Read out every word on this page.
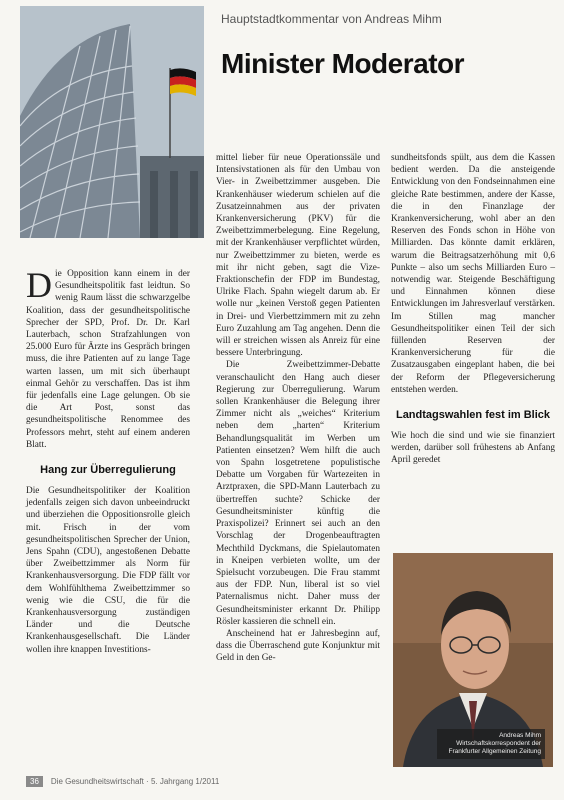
Hauptstadtkommentar von Andreas Mihm
Minister Moderator

Die Opposition kann einem in der Gesundheitspolitik fast leidtun. So wenig Raum lässt die schwarzgelbe Koalition, dass der gesundheitspolitische Sprecher der SPD, Prof. Dr. Dr. Karl Lauterbach, schon Strafzahlungen von 25.000 Euro für Ärzte ins Gespräch bringen muss, die ihre Patienten auf zu lange Tage warten lassen, um mit sich überhaupt einmal Gehör zu verschaffen. Das ist ihm für jedenfalls eine Lage gelungen. Ob sie die Art Post, sonst das gesundheitspolitische Renommee des Professors mehrt, steht auf einem anderen Blatt.

Hang zur Überregulierung

Die Gesundheitspolitiker der Koalition jedenfalls zeigen sich davon unbeeindruckt und überziehen die Oppositionsrolle gleich mit. Frisch in der vom gesundheitspolitischen Sprecher der Union, Jens Spahn (CDU), angestoßenen Debatte über Zweibettzimmer als Norm für Krankenhausversorgung. Die FDP fällt vor dem Wohlfühlthema Zweibettzimmer so wenig wie die CSU, die für die Krankenhausversorgung zuständigen Länder und die Deutsche Krankenhausgesellschaft. Die Länder wollen ihre knappen Investitions-

mittel lieber für neue Operationssäle und Intensivstationen als für den Umbau von Vier- in Zweibettzimmer ausgeben. Die Krankenhäuser wiederum schielen auf die Zusatzeinnahmen aus der privaten Krankenversicherung (PKV) für die Zweibettzimmerbelegung. Eine Regelung, mit der Krankenhäuser verpflichtet würden, nur Zweibettzimmer zu bieten, werde es mit ihr nicht geben, sagt die Vize-Fraktionschefin der FDP im Bundestag, Ulrike Flach. Spahn wiegelt darum ab. Er wolle nur „keinen Verstoß gegen Patienten in Drei- und Vierbettzimmern mit zu zehn Euro Zuzahlung am Tag angehen. Denn die will er streichen wissen als Anreiz für eine bessere Unterbringung.

Die Zweibettzimmer-Debatte veranschaulicht den Hang auch dieser Regierung zur Überregulierung. Warum sollen Krankenhäuser die Belegung ihrer Zimmer nicht als „weiches“ Kriterium neben dem „harten“ Kriterium Behandlungsqualität im Werben um Patienten einsetzen? Wem hilft die auch von Spahn losgetretene populistische Debatte um Vorgaben für Wartezeiten in Arztpraxen, die SPD-Mann Lauterbach zu übertreffen suchte? Schicke der Gesundheitsminister künftig die Praxispolizei? Erinnert sei auch an den Vorschlag der Drogenbeauftragten Mechthild Dyckmans, die Spielautomaten in Kneipen verbieten wollte, um der Spielsucht vorzubeugen. Die Frau stammt aus der FDP. Nun, liberal ist so viel Paternalismus nicht. Daher muss der Gesundheitsminister erkannt Dr. Philipp Rösler kassieren die schnell ein.

Anscheinend hat er Jahresbeginn auf, dass die Überraschend gute Konjunktur mit Geld in den Ge-

sundheitsfonds spült, aus dem die Kassen bedient werden. Da die ansteigende Entwicklung von den Fondseinnahmen eine gleiche Rate bestimmen, andere der Kasse, die in den Finanzlage der Krankenversicherung, wohl aber an den Reserven des Fonds schon in Höhe von Milliarden. Das könnte damit erklären, warum die Beitragsatzerhöhung mit 0,6 Punkte – also um sechs Milliarden Euro – notwendig war. Steigende Beschäftigung und Einnahmen können diese Entwicklungen im Jahresverlauf verstärken. Im Stillen mag mancher Gesundheitspolitiker einen Teil der sich füllenden Reserven der Krankenversicherung für die Zusatzausgaben eingeplant haben, die bei der Reform der Pflegeversicherung entstehen werden.

Landtagswahlen fest im Blick

Wie hoch die sind und wie sie finanziert werden, darüber soll frühestens ab Anfang April geredet

Andreas Mihm
Wirtschaftskorrespondent der Frankfurter Allgemeinen Zeitung
36 Die Gesundheitswirtschaft · 5. Jahrgang 1/2011
